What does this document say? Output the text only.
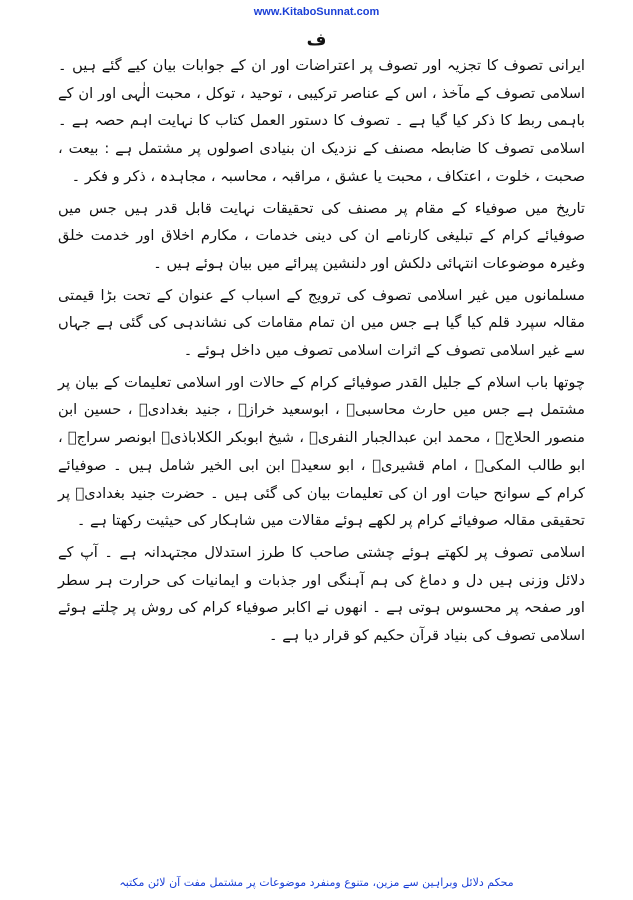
www.KitaboSunnat.com
ف

ایرانی تصوف کا تجزیہ اور تصوف پر اعتراضات اور ان کے جوابات بیان کیے گئے ہیں ۔ اسلامی تصوف کے مآخذ ، اس کے عناصر ترکیبی ، توحید ، توکل ، محبت الٰہی اور ان کے باہمی ربط کا ذکر کیا گیا ہے ۔ تصوف کا دستور العمل کتاب کا نہایت اہم حصہ ہے ۔ اسلامی تصوف کا ضابطہ مصنف کے نزدیک ان بنیادی اصولوں پر مشتمل ہے : بیعت ، صحبت ، خلوت ، اعتکاف ، محبت یا عشق ، مراقبہ ، محاسبہ ، مجاہدہ ، ذکر و فکر ۔

تاریخ میں صوفیاء کے مقام پر مصنف کی تحقیقات نہایت قابل قدر ہیں جس میں صوفیائے کرام کے تبلیغی کارنامے ان کی دینی خدمات ، مکارم اخلاق اور خدمت خلق وغیرہ موضوعات انتہائی دلکش اور دلنشین پیرائے میں بیان ہوئے ہیں ۔

مسلمانوں میں غیر اسلامی تصوف کی ترویج کے اسباب کے عنوان کے تحت بڑا قیمتی مقالہ سپرد قلم کیا گیا ہے جس میں ان تمام مقامات کی نشاندہی کی گئی ہے جہاں سے غیر اسلامی تصوف کے اثرات اسلامی تصوف میں داخل ہوئے ۔

چوتھا باب اسلام کے جلیل القدر صوفیائے کرام کے حالات اور اسلامی تعلیمات کے بیان پر مشتمل ہے جس میں حارث محاسبیؒ ، ابوسعید خرازؒ ، جنید بغدادیؒ ، حسین ابن منصور الحلاجؒ ، محمد ابن عبدالجبار النفریؒ ، شیخ ابوبکر الکلاباذیؒ ابونصر سراجؒ ، ابو طالب المکیؒ ، امام قشیریؒ ، ابو سعیدؒ ابن ابی الخیر شامل ہیں ۔ صوفیائے کرام کے سوانح حیات اور ان کی تعلیمات بیان کی گئی ہیں ۔ حضرت جنید بغدادیؒ پر تحقیقی مقالہ صوفیائے کرام پر لکھے ہوئے مقالات میں شاہکار کی حیثیت رکھتا ہے ۔

اسلامی تصوف پر لکھتے ہوئے چشتی صاحب کا طرز استدلال مجتہدانہ ہے ۔ آپ کے دلائل وزنی ہیں دل و دماغ کی ہم آہنگی اور جذبات و ایمانیات کی حرارت ہر سطر اور صفحہ پر محسوس ہوتی ہے ۔ انھوں نے اکابر صوفیاء کرام کی روش پر چلتے ہوئے اسلامی تصوف کی بنیاد قرآن حکیم کو قرار دیا ہے ۔

محکم دلائل وبراہین سے مزین، متنوع ومنفرد موضوعات پر مشتمل مفت آن لائن مکتبہ
